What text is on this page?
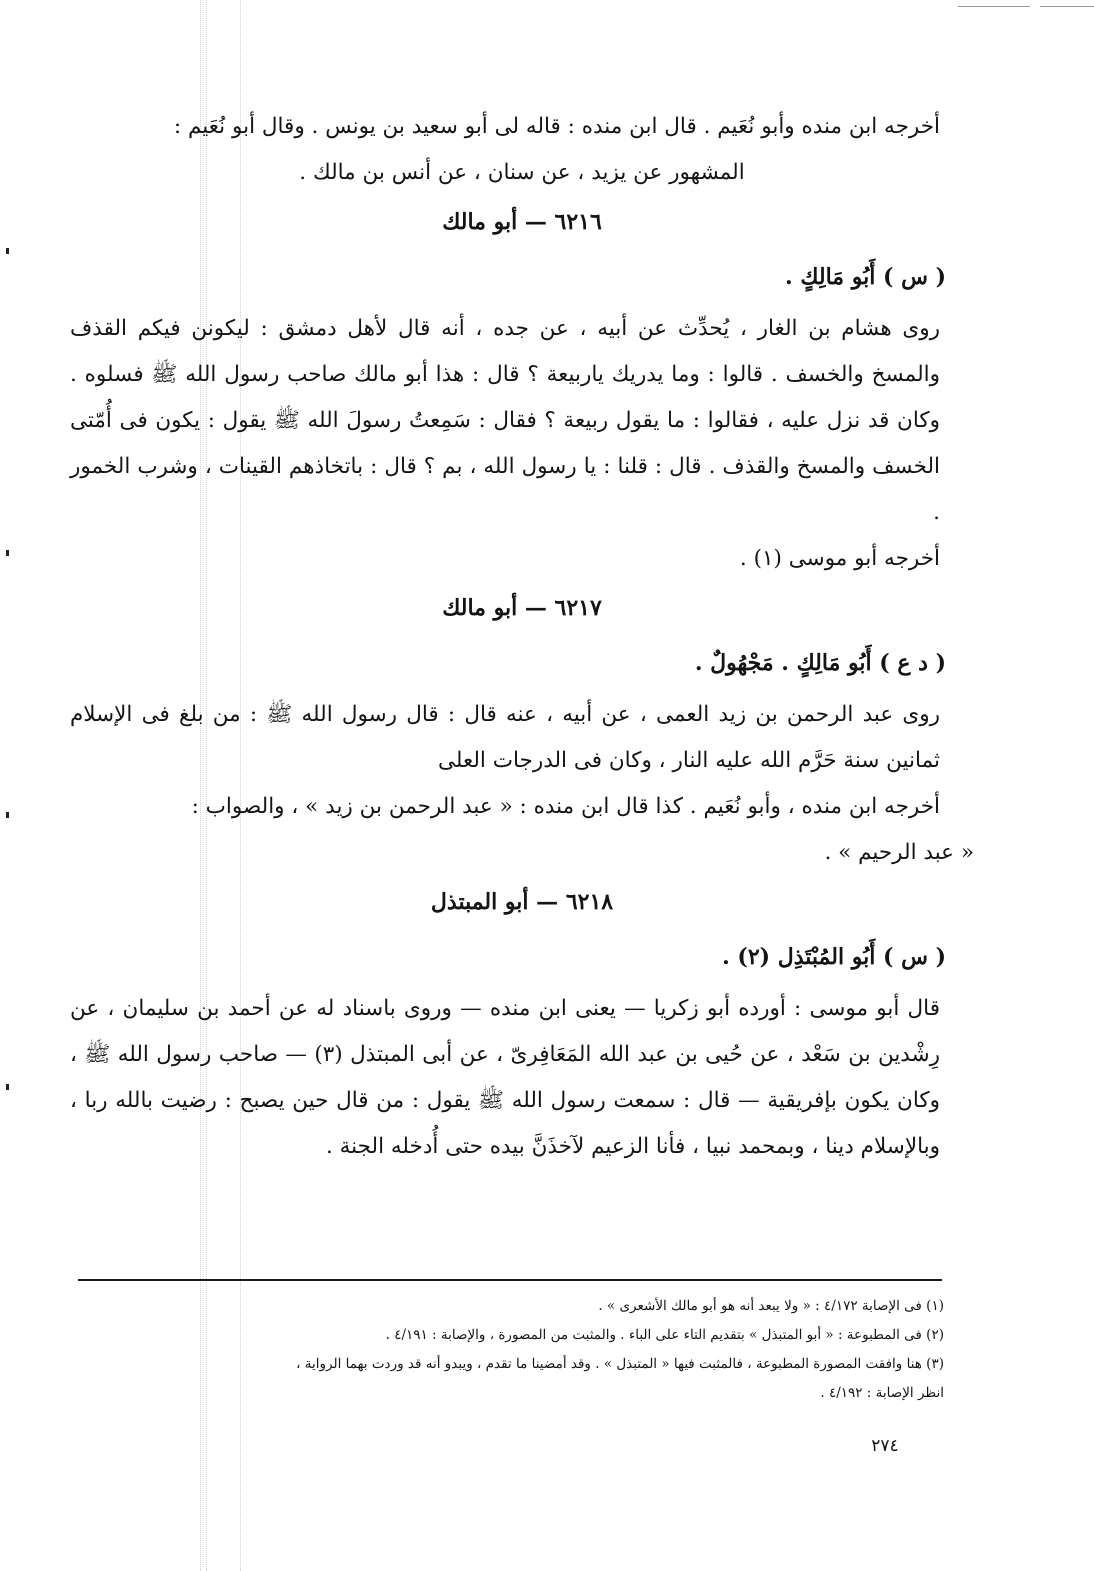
أخرجه ابن منده وأبو نُعَيم . قال ابن منده : قاله لى أبو سعيد بن يونس . وقال أبو نُعَيم :

المشهور عن يزيد ، عن سنان ، عن أنس بن مالك .

٦٢١٦ — أبو مالك

( س ) أَبُو مَالِكٍ .

روى هشام بن الغار ، يُحدِّث عن أبيه ، عن جده ، أنه قال لأهل دمشق : ليكونن فيكم القذف والمسخ والخسف . قالوا : وما يدريك ياربيعة ؟ قال : هذا أبو مالك صاحب رسول الله ﷺ فسلوه . وكان قد نزل عليه ، فقالوا : ما يقول ربيعة ؟ فقال : سَمِعتُ رسولَ الله ﷺ يقول : يكون فى أُمّتى الخسف والمسخ والقذف . قال : قلنا : يا رسول الله ، بم ؟ قال : باتخاذهم القينات ، وشرب الخمور .

أخرجه أبو موسى (١) .

٦٢١٧ — أبو مالك

( د ع ) أَبُو مَالِكٍ . مَجْهُولٌ .

روى عبد الرحمن بن زيد العمى ، عن أبيه ، عنه قال : قال رسول الله ﷺ : من بلغ فى الإسلام ثمانين سنة حَرَّم الله عليه النار ، وكان فى الدرجات العلى

أخرجه ابن منده ، وأبو نُعَيم . كذا قال ابن منده : « عبد الرحمن بن زيد » ، والصواب :

« عبد الرحيم » .

٦٢١٨ — أبو المبتذل

( س ) أَبُو المُبْتَذِل (٢) .

قال أبو موسى : أورده أبو زكريا — يعنى ابن منده — وروى باسناد له عن أحمد بن سليمان ، عن رِشْدين بن سَعْد ، عن حُيى بن عبد الله المَعَافِرىّ ، عن أبى المبتذل (٣) — صاحب رسول الله ﷺ ، وكان يكون بإفريقية — قال : سمعت رسول الله ﷺ يقول : من قال حين يصبح : رضيت بالله ربا ، وبالإسلام دينا ، وبمحمد نبيا ، فأنا الزعيم لآخذَنَّ بيده حتى أُدخله الجنة .

(١) فى الإصابة ٤/١٧٢ : « ولا يبعد أنه هو أبو مالك الأشعرى » .

(٢) فى المطبوعة : « أبو المتبذل » بتقديم التاء على الباء . والمثبت من المصورة ، والإصابة : ٤/١٩١ .

(٣) هنا وافقت المصورة المطبوعة ، فالمثبت فيها « المتبذل » . وقد أمضينا ما تقدم ، ويبدو أنه قد وردت بهما الرواية ،

انظر الإصابة : ٤/١٩٢ .

٢٧٤
